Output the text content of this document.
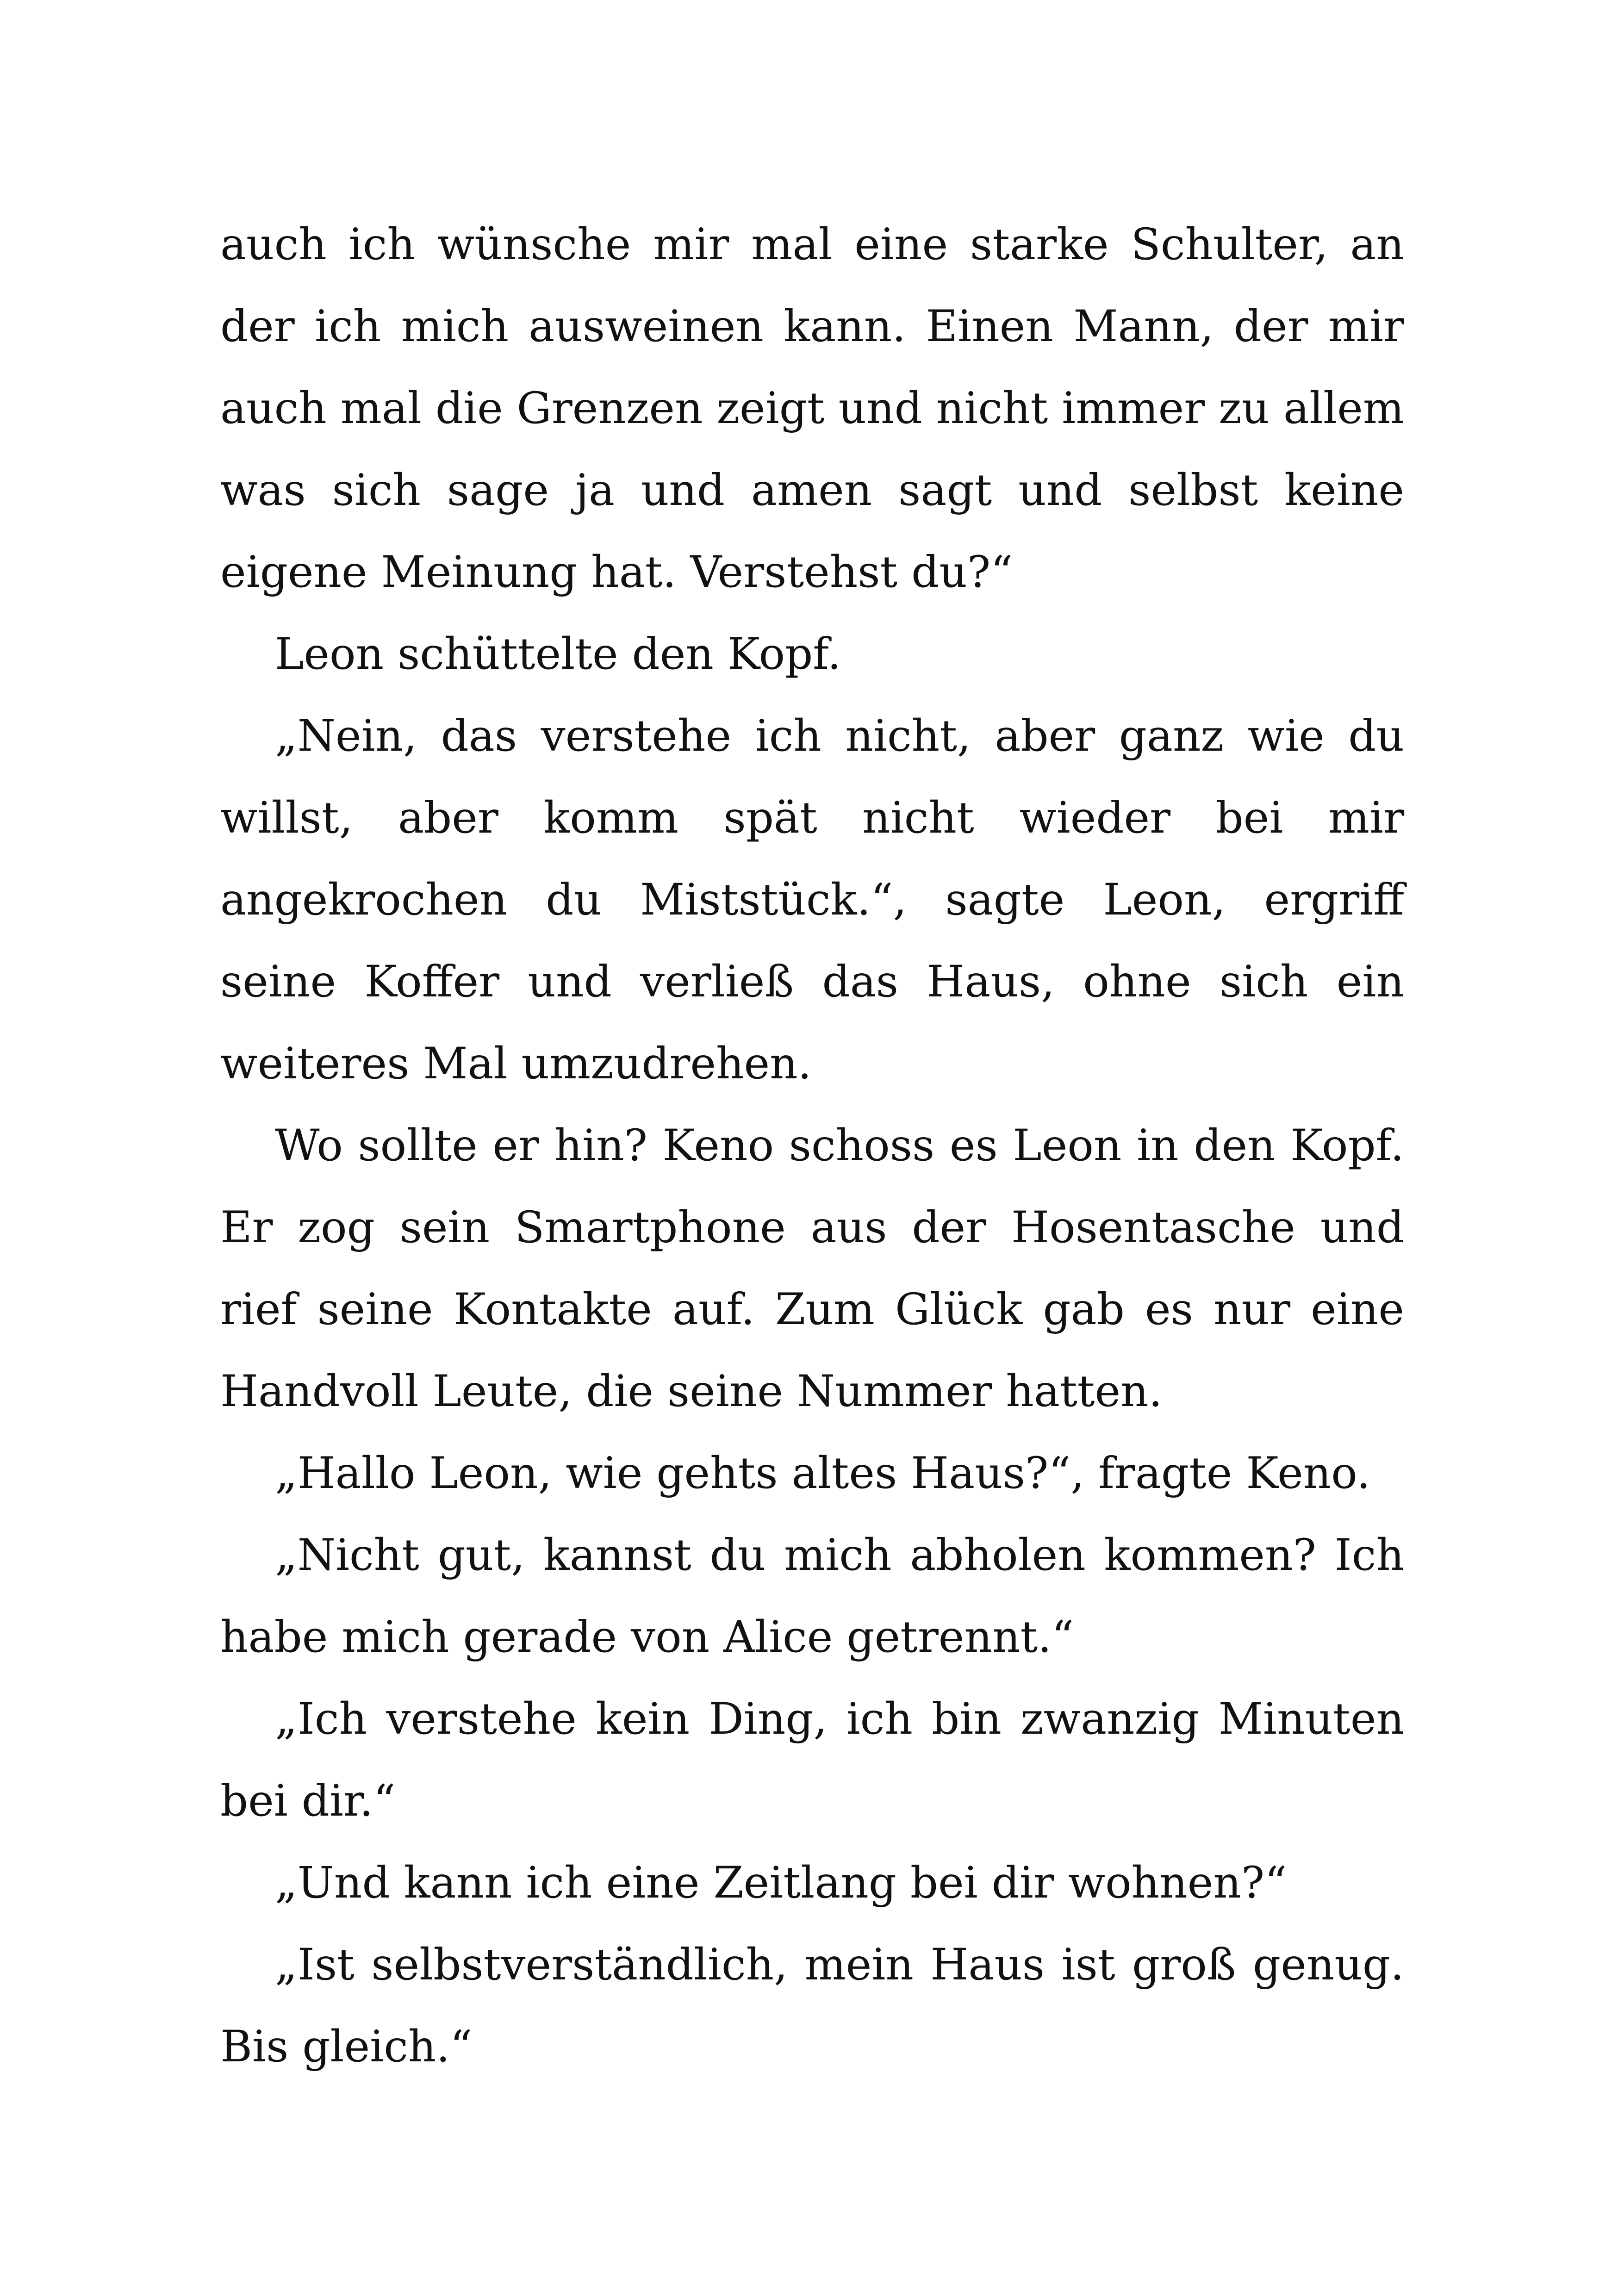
auch ich wünsche mir mal eine starke Schulter, an der ich mich ausweinen kann. Einen Mann, der mir auch mal die Grenzen zeigt und nicht immer zu allem was sich sage ja und amen sagt und selbst keine eigene Meinung hat. Verstehst du?“

Leon schüttelte den Kopf.

„Nein, das verstehe ich nicht, aber ganz wie du willst, aber komm spät nicht wieder bei mir angekrochen du Miststück.“, sagte Leon, ergriff seine Koffer und verließ das Haus, ohne sich ein weiteres Mal umzudrehen.

Wo sollte er hin? Keno schoss es Leon in den Kopf. Er zog sein Smartphone aus der Hosentasche und rief seine Kontakte auf. Zum Glück gab es nur eine Handvoll Leute, die seine Nummer hatten.

„Hallo Leon, wie gehts altes Haus?“, fragte Keno.

„Nicht gut, kannst du mich abholen kommen? Ich habe mich gerade von Alice getrennt.“

„Ich verstehe kein Ding, ich bin zwanzig Minuten bei dir.“

„Und kann ich eine Zeitlang bei dir wohnen?“

„Ist selbstverständlich, mein Haus ist groß genug. Bis gleich.“
